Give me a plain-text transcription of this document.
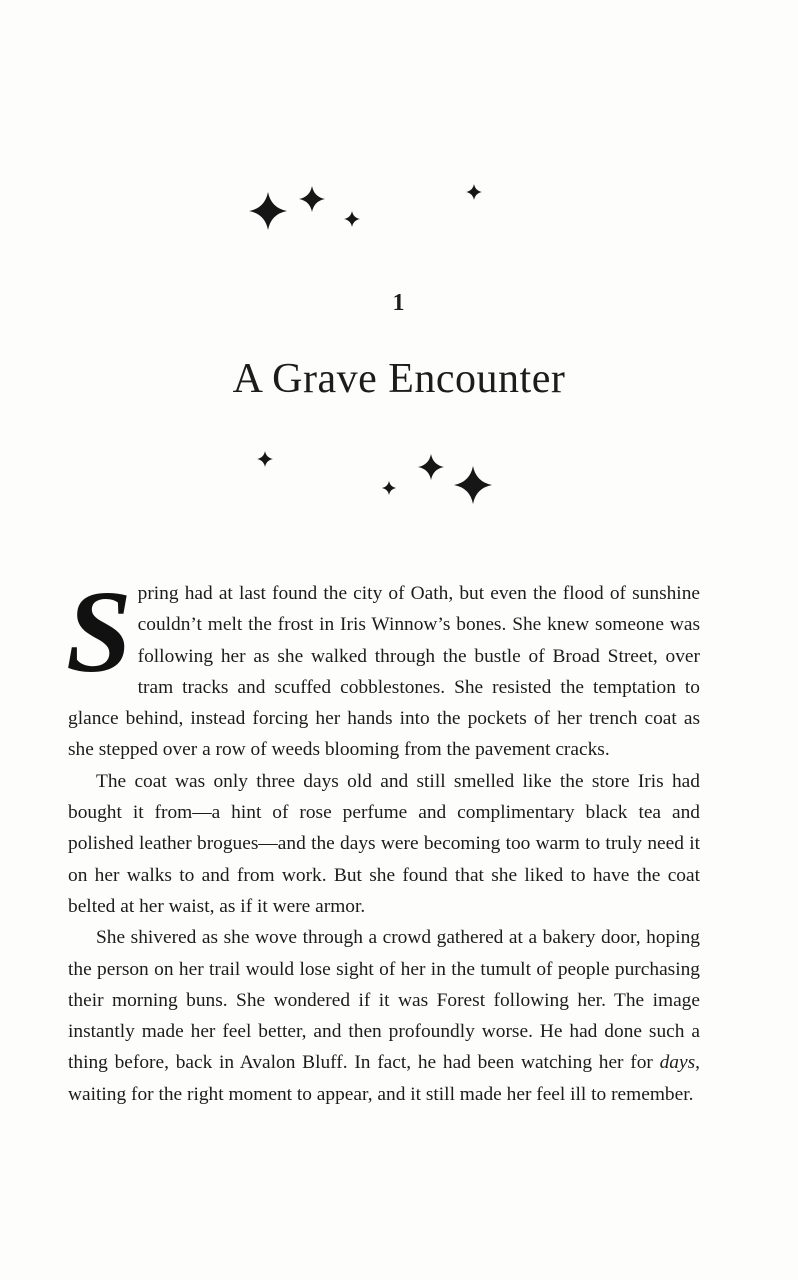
1
A Grave Encounter

Spring had at last found the city of Oath, but even the flood of sunshine couldn’t melt the frost in Iris Winnow’s bones. She knew someone was following her as she walked through the bustle of Broad Street, over tram tracks and scuffed cobblestones. She resisted the temptation to glance behind, instead forcing her hands into the pockets of her trench coat as she stepped over a row of weeds blooming from the pavement cracks.

The coat was only three days old and still smelled like the store Iris had bought it from—a hint of rose perfume and complimentary black tea and polished leather brogues—and the days were becoming too warm to truly need it on her walks to and from work. But she found that she liked to have the coat belted at her waist, as if it were armor.

She shivered as she wove through a crowd gathered at a bakery door, hoping the person on her trail would lose sight of her in the tumult of people purchasing their morning buns. She wondered if it was Forest following her. The image instantly made her feel better, and then profoundly worse. He had done such a thing before, back in Avalon Bluff. In fact, he had been watching her for days, waiting for the right moment to appear, and it still made her feel ill to remember.
